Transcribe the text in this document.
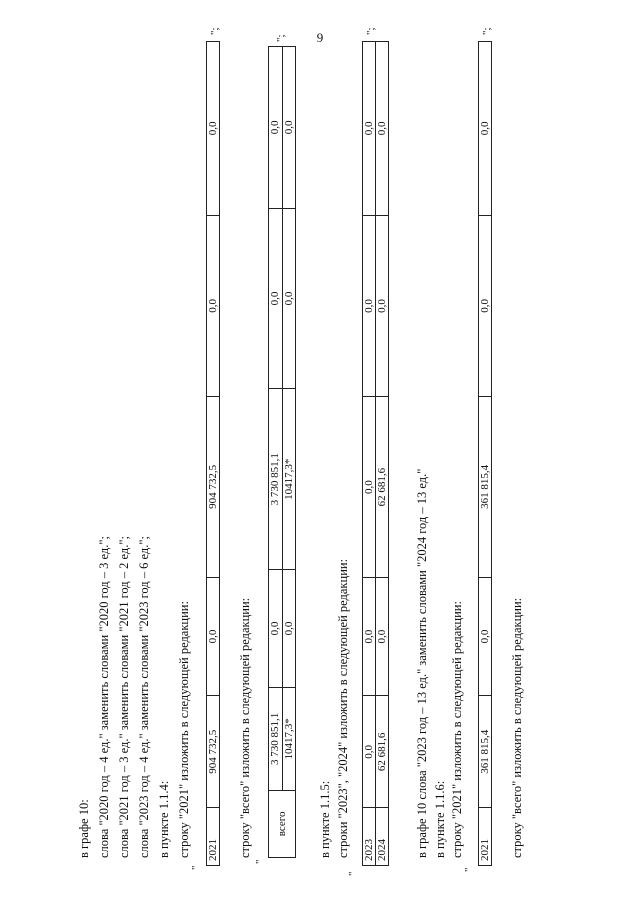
9
в графе 10: слова "2020 год – 4 ед." заменить словами "2020 год – 3 ед."; слова "2021 год – 3 ед." заменить словами "2021 год – 2 ед."; слова "2023 год – 4 ед." заменить словами "2023 год – 6 ед."; в пункте 1.1.4: строку "2021" изложить в следующей редакции:
"
2021	904 732,5	0,0	904 732,5	0,0	0,0
";
строку "всего" изложить в следующей редакции:
"
всего	3 730 851,1	0,0	3 730 851,1	0,0	0,0
	10417,3*	0,0	10417,3*	0,0	0,0
";
в пункте 1.1.5: строки "2023", "2024" изложить в следующей редакции:
"
2023	0,0	0,0	0,0	0,0	0,0
2024	62 681,6	0,0	62 681,6	0,0	0,0
";
в графе 10 слова "2023 год – 13 ед." заменить словами "2024 год – 13 ед." в пункте 1.1.6: строку "2021" изложить в следующей редакции:
"
2021	361 815,4	0,0	361 815,4	0,0	0,0
";
строку "всего" изложить в следующей редакции:
